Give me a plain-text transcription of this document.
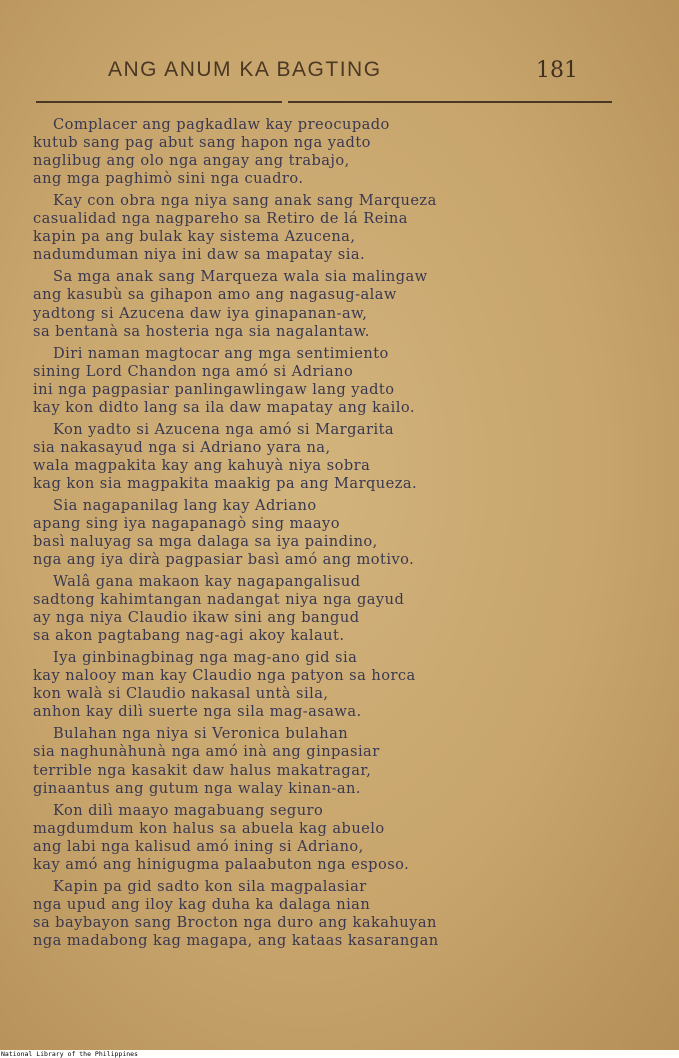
ANG ANUM KA BAGTING	181
Complacer ang pagkadlaw kay preocupado
kutub sang pag abut sang hapon nga yadto
naglibug ang olo nga angay ang trabajo,
ang mga paghimò sini nga cuadro.
Kay con obra nga niya sang anak sang Marqueza
casualidad nga nagpareho sa Retiro de lá Reina
kapin pa ang bulak kay sistema Azucena,
nadumduman niya ini daw sa mapatay sia.
Sa mga anak sang Marqueza wala sia malingaw
ang kasubù sa gihapon amo ang nagasug-alaw
yadtong si Azucena daw iya ginapanan-aw,
sa bentanà sa hosteria nga sia nagalantaw.
Diri naman magtocar ang mga sentimiento
sining Lord Chandon nga amó si Adriano
ini nga pagpasiar panlingawlingaw lang yadto
kay kon didto lang sa ila daw mapatay ang kailo.
Kon yadto si Azucena nga amó si Margarita
sia nakasayud nga si Adriano yara na,
wala magpakita kay ang kahuyà niya sobra
kag kon sia magpakita maakig pa ang Marqueza.
Sia nagapanilag lang kay Adriano
apang sing iya nagapanagò sing maayo
basì naluyag sa mga dalaga sa iya paindino,
nga ang iya dirà pagpasiar basì amó ang motivo.
Walâ gana makaon kay nagapangalisud
sadtong kahimtangan nadangat niya nga gayud
ay nga niya Claudio ikaw sini ang bangud
sa akon pagtabang nag-agi akoy kalaut.
Iya ginbinagbinag nga mag-ano gid sia
kay nalooy man kay Claudio nga patyon sa horca
kon walà si Claudio nakasal untà sila,
anhon kay dilì suerte nga sila mag-asawa.
Bulahan nga niya si Veronica bulahan
sia naghunàhunà nga amó inà ang ginpasiar
terrible nga kasakit daw halus makatragar,
ginaantus ang gutum nga walay kinan-an.
Kon dilì maayo magabuang seguro
magdumdum kon halus sa abuela kag abuelo
ang labi nga kalisud amó ining si Adriano,
kay amó ang hinigugma palaabuton nga esposo.
Kapin pa gid sadto kon sila magpalasiar
nga upud ang iloy kag duha ka dalaga nian
sa baybayon sang Brocton nga duro ang kakahuyan
nga madabong kag magapa, ang kataas kasarangan
National Library of the Philippines
